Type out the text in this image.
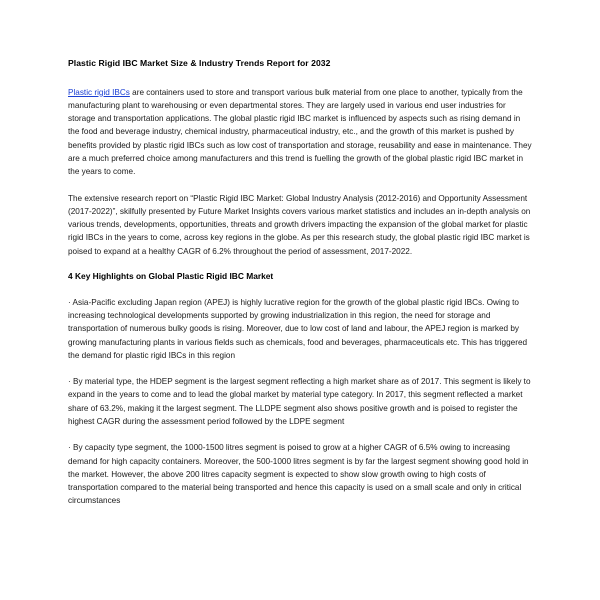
Plastic Rigid IBC Market Size & Industry Trends Report for 2032

Plastic rigid IBCs are containers used to store and transport various bulk material from one place to another, typically from the manufacturing plant to warehousing or even departmental stores. They are largely used in various end user industries for storage and transportation applications. The global plastic rigid IBC market is influenced by aspects such as rising demand in the food and beverage industry, chemical industry, pharmaceutical industry, etc., and the growth of this market is pushed by benefits provided by plastic rigid IBCs such as low cost of transportation and storage, reusability and ease in maintenance. They are a much preferred choice among manufacturers and this trend is fuelling the growth of the global plastic rigid IBC market in the years to come.

The extensive research report on “Plastic Rigid IBC Market: Global Industry Analysis (2012-2016) and Opportunity Assessment (2017-2022)”, skilfully presented by Future Market Insights covers various market statistics and includes an in-depth analysis on various trends, developments, opportunities, threats and growth drivers impacting the expansion of the global market for plastic rigid IBCs in the years to come, across key regions in the globe. As per this research study, the global plastic rigid IBC market is poised to expand at a healthy CAGR of 6.2% throughout the period of assessment, 2017-2022.

4 Key Highlights on Global Plastic Rigid IBC Market

· Asia-Pacific excluding Japan region (APEJ) is highly lucrative region for the growth of the global plastic rigid IBCs. Owing to increasing technological developments supported by growing industrialization in this region, the need for storage and transportation of numerous bulky goods is rising. Moreover, due to low cost of land and labour, the APEJ region is marked by growing manufacturing plants in various fields such as chemicals, food and beverages, pharmaceuticals etc. This has triggered the demand for plastic rigid IBCs in this region

· By material type, the HDEP segment is the largest segment reflecting a high market share as of 2017. This segment is likely to expand in the years to come and to lead the global market by material type category. In 2017, this segment reflected a market share of 63.2%, making it the largest segment. The LLDPE segment also shows positive growth and is poised to register the highest CAGR during the assessment period followed by the LDPE segment

· By capacity type segment, the 1000-1500 litres segment is poised to grow at a higher CAGR of 6.5% owing to increasing demand for high capacity containers. Moreover, the 500-1000 litres segment is by far the largest segment showing good hold in the market. However, the above 200 litres capacity segment is expected to show slow growth owing to high costs of transportation compared to the material being transported and hence this capacity is used on a small scale and only in critical circumstances
